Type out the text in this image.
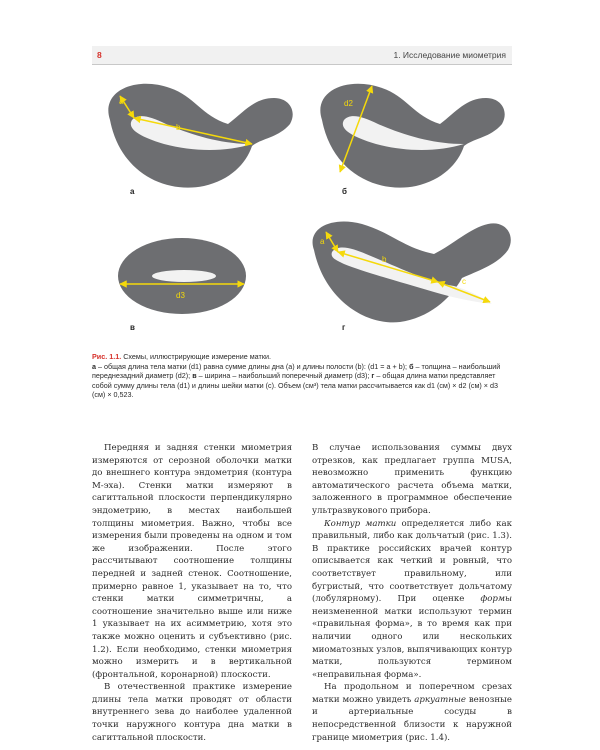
8	1. Исследование миометрия
a
b
а
d2
б
d3
в
a
b
c
г
Рис. 1.1. Схемы, иллюстрирующие измерение матки.
а – общая длина тела матки (d1) равна сумме длины дна (a) и длины полости (b): (d1 = a + b); б – толщина – наибольший переднезадний диаметр (d2); в – ширина – наибольший поперечный диаметр (d3); г – общая длина матки представляет собой сумму длины тела (d1) и длины шейки матки (c). Объем (см³) тела матки рассчитывается как d1 (см) × d2 (см) × d3 (см) × 0,523.

Передняя и задняя стенки миометрия измеряются от серозной оболочки матки до внешнего контура эндометрия (контура М-эха). Стенки матки измеряют в сагиттальной плоскости перпендикулярно эндометрию, в местах наибольшей толщины миометрия. Важно, чтобы все измерения были проведены на одном и том же изображении. После этого рассчитывают соотношение толщины передней и задней стенок. Соотношение, примерно равное 1, указывает на то, что стенки матки симметричны, а соотношение значительно выше или ниже 1 указывает на их асимметрию, хотя это также можно оценить и субъективно (рис. 1.2). Если необходимо, стенки миометрия можно измерить и в вертикальной (фронтальной, коронарной) плоскости.

В отечественной практике измерение длины тела матки проводят от области внутреннего зева до наиболее удаленной точки наружного контура дна матки в сагиттальной плоскости.

В случае использования суммы двух отрезков, как предлагает группа MUSA, невозможно применить функцию автоматического расчета объема матки, заложенного в программное обеспечение ультразвукового прибора.

Контур матки определяется либо как правильный, либо как дольчатый (рис. 1.3). В практике российских врачей контур описывается как четкий и ровный, что соответствует правильному, или бугристый, что соответствует дольчатому (лобулярному). При оценке формы неизмененной матки используют термин «правильная форма», в то время как при наличии одного или нескольких миоматозных узлов, выпячивающих контур матки, пользуются термином «неправильная форма».

На продольном и поперечном срезах матки можно увидеть аркуатные венозные и артериальные сосуды в непосредственной близости к наружной границе миометрия (рис. 1.4).
